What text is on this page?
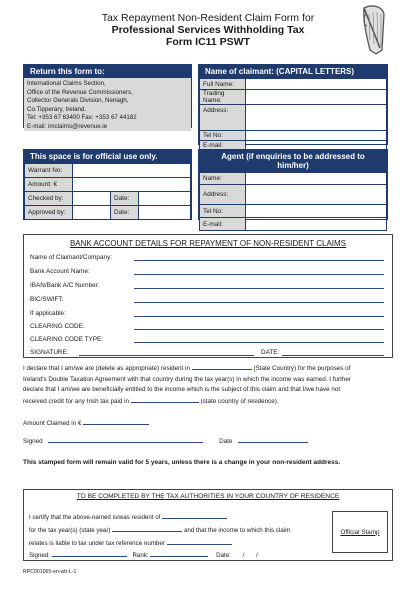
Tax Repayment Non-Resident Claim Form for
Professional Services Withholding Tax
Form IC11 PSWT
Return this form to:
International Claims Section,
Office of the Revenue Commissioners,
Collector Generals Division, Nenagh,
Co.Tipperary, Ireland.
Tel: +353 67 63400 Fax: +353 67 44182
E-mail: imclaims@revenue.ie
Name of claimant: (CAPITAL LETTERS)
Full Name:	
Trading Name:	
Address:	
Tel No:	
E-mail:	
This space is for official use only.
Warrant No:			
Amount: €			
Checked by:		Date:	
Approved by:		Date:	
Agent (if enquiries to be addressed to him/her)
Name:	
Address:	
Tel No:	
E-mail:	
BANK ACCOUNT DETAILS FOR REPAYMENT OF NON-RESIDENT CLAIMS
Name of Claimant/Company:
Bank Account Name:
IBAN/Bank A/C Number:
BIC/SWIFT:
If applicable:
CLEARING CODE:
CLEARING CODE TYPE:
SIGNATURE:	DATE:
I declare that I am/we are (delete as appropriate) resident in	(State Country) for the purposes of
Ireland's Double Taxation Agreement with that country during the tax year(s) in which the income was earned. I further
declare that I am/we are beneficially entitled to the income which is the subject of this claim and that I/we have not
received credit for any Irish tax paid in	(state country of residence).
Amount Claimed in €
Signed	Date
This stamped form will remain valid for 5 years, unless there is a change in your non-resident address.
TO BE COMPLETED BY THE TAX AUTHORITIES IN YOUR COUNTRY OF RESIDENCE
I certify that the above-named is/was resident of
for the tax year(s) (state year)	and that the income to which this claim
relates is liable to tax under tax reference number
Signed:	Rank:	Date: / /
Official Stamp
RPC001065-en-wb-L-1
